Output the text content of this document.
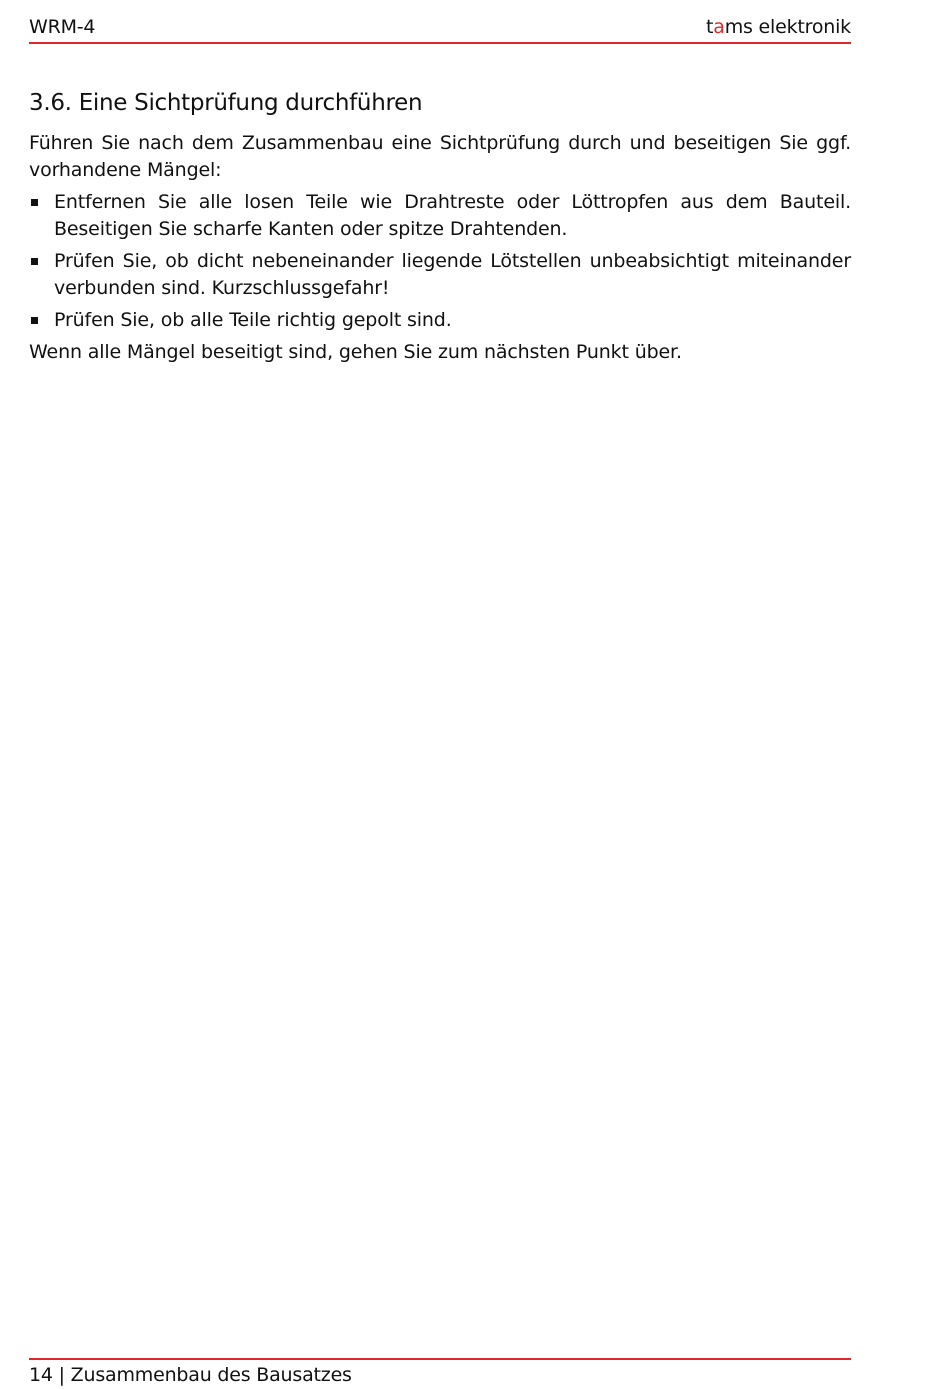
WRM-4	tams elektronik
3.6. Eine Sichtprüfung durchführen

Führen Sie nach dem Zusammenbau eine Sichtprüfung durch und beseitigen Sie ggf. vorhandene Mängel:

Entfernen Sie alle losen Teile wie Drahtreste oder Löttropfen aus dem Bauteil. Beseitigen Sie scharfe Kanten oder spitze Drahtenden.
Prüfen Sie, ob dicht nebeneinander liegende Lötstellen unbeabsichtigt miteinander verbunden sind. Kurzschlussgefahr!
Prüfen Sie, ob alle Teile richtig gepolt sind.

Wenn alle Mängel beseitigt sind, gehen Sie zum nächsten Punkt über.

14 | Zusammenbau des Bausatzes
